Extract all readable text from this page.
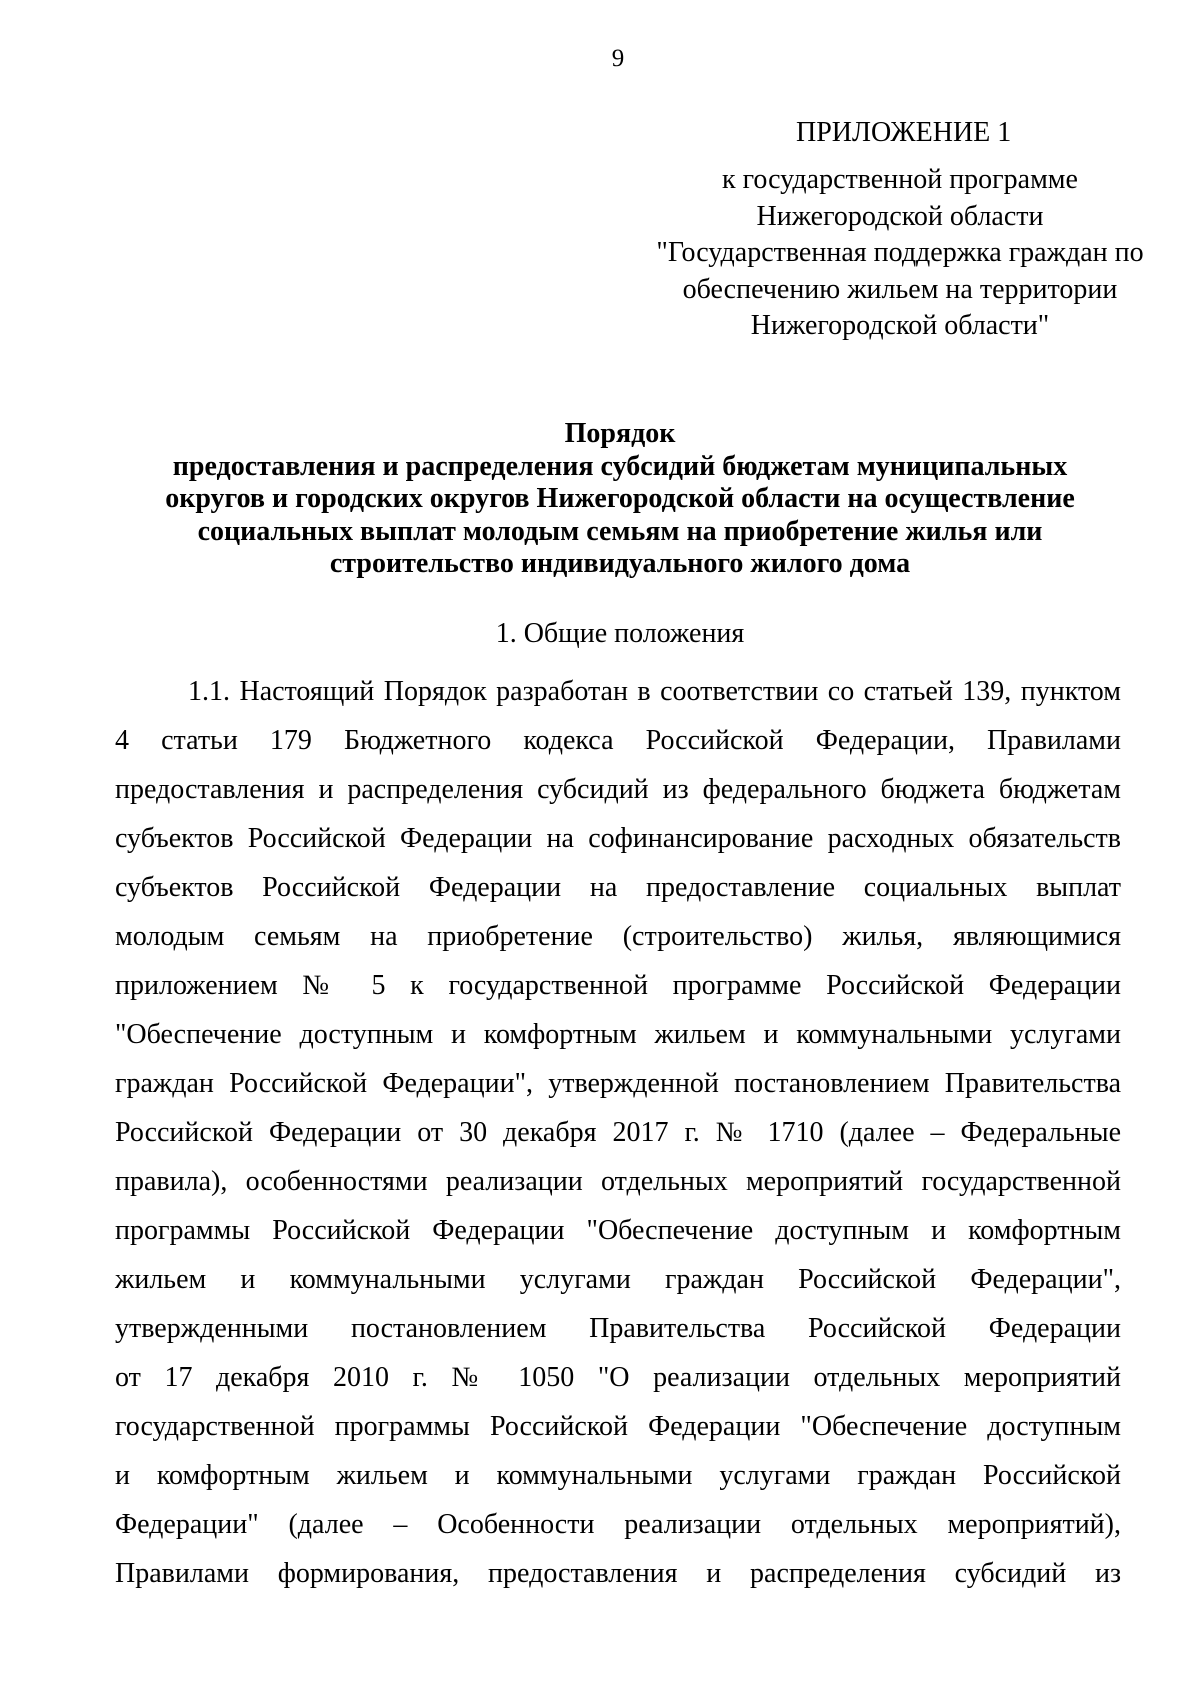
9
ПРИЛОЖЕНИЕ 1
к государственной программе
Нижегородской области
"Государственная поддержка граждан по
обеспечению жильем на территории
Нижегородской области"
Порядок
предоставления и распределения субсидий бюджетам муниципальных
округов и городских округов Нижегородской области на осуществление
социальных выплат молодым семьям на приобретение жилья или
строительство индивидуального жилого дома
1. Общие положения
1.1. Настоящий Порядок разработан в соответствии со статьей 139, пунктом
4 статьи 179 Бюджетного кодекса Российской Федерации, Правилами
предоставления и распределения субсидий из федерального бюджета бюджетам
субъектов Российской Федерации на софинансирование расходных обязательств
субъектов Российской Федерации на предоставление социальных выплат
молодым семьям на приобретение (строительство) жилья, являющимися
приложением № 5 к государственной программе Российской Федерации
"Обеспечение доступным и комфортным жильем и коммунальными услугами
граждан Российской Федерации", утвержденной постановлением Правительства
Российской Федерации от 30 декабря 2017 г. № 1710 (далее – Федеральные
правила), особенностями реализации отдельных мероприятий государственной
программы Российской Федерации "Обеспечение доступным и комфортным
жильем и коммунальными услугами граждан Российской Федерации",
утвержденными постановлением Правительства Российской Федерации
от 17 декабря 2010 г. № 1050 "О реализации отдельных мероприятий
государственной программы Российской Федерации "Обеспечение доступным
и комфортным жильем и коммунальными услугами граждан Российской
Федерации" (далее – Особенности реализации отдельных мероприятий),
Правилами формирования, предоставления и распределения субсидий из
